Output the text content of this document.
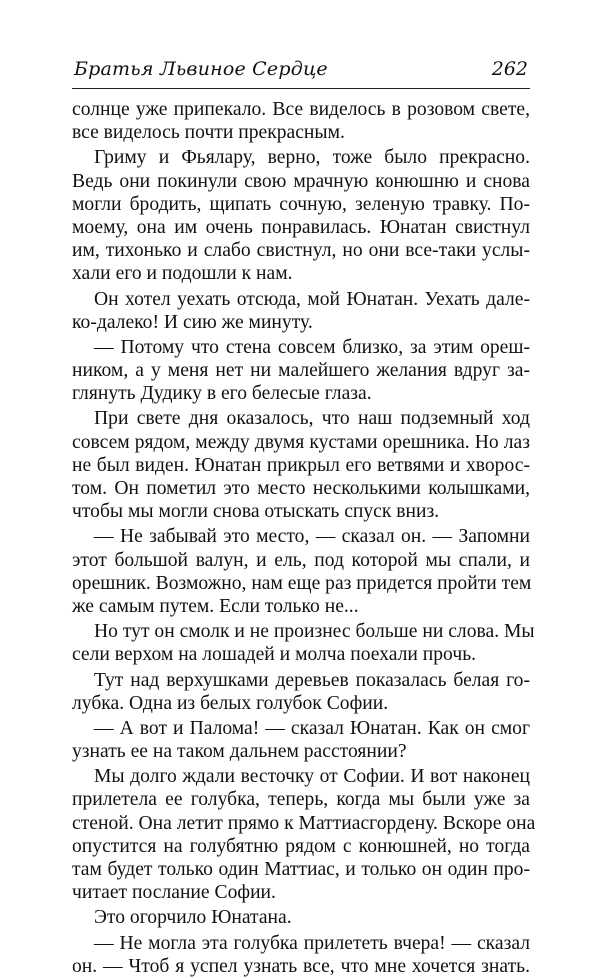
Братья Львиное Сердце	262
солнце уже припекало. Все виделось в розовом свете,
все виделось почти прекрасным.
Гриму и Фьялару, верно, тоже было прекрасно.
Ведь они покинули свою мрачную конюшню и снова
могли бродить, щипать сочную, зеленую травку. По-
моему, она им очень понравилась. Юнатан свистнул
им, тихонько и слабо свистнул, но они все-таки услы-
хали его и подошли к нам.
Он хотел уехать отсюда, мой Юнатан. Уехать дале-
ко-далеко! И сию же минуту.
— Потому что стена совсем близко, за этим ореш-
ником, а у меня нет ни малейшего желания вдруг за-
глянуть Дудику в его белесые глаза.
При свете дня оказалось, что наш подземный ход
совсем рядом, между двумя кустами орешника. Но лаз
не был виден. Юнатан прикрыл его ветвями и хворос-
том. Он пометил это место несколькими колышками,
чтобы мы могли снова отыскать спуск вниз.
— Не забывай это место, — сказал он. — Запомни
этот большой валун, и ель, под которой мы спали, и
орешник. Возможно, нам еще раз придется пройти тем
же самым путем. Если только не...
Но тут он смолк и не произнес больше ни слова. Мы
сели верхом на лошадей и молча поехали прочь.
Тут над верхушками деревьев показалась белая го-
лубка. Одна из белых голубок Софии.
— А вот и Палома! — сказал Юнатан. Как он смог
узнать ее на таком дальнем расстоянии?
Мы долго ждали весточку от Софии. И вот наконец
прилетела ее голубка, теперь, когда мы были уже за
стеной. Она летит прямо к Маттиасгордену. Вскоре она
опустится на голубятню рядом с конюшней, но тогда
там будет только один Маттиас, и только он один про-
читает послание Софии.
Это огорчило Юнатана.
— Не могла эта голубка прилететь вчера! — сказал
он. — Чтоб я успел узнать все, что мне хочется знать.
